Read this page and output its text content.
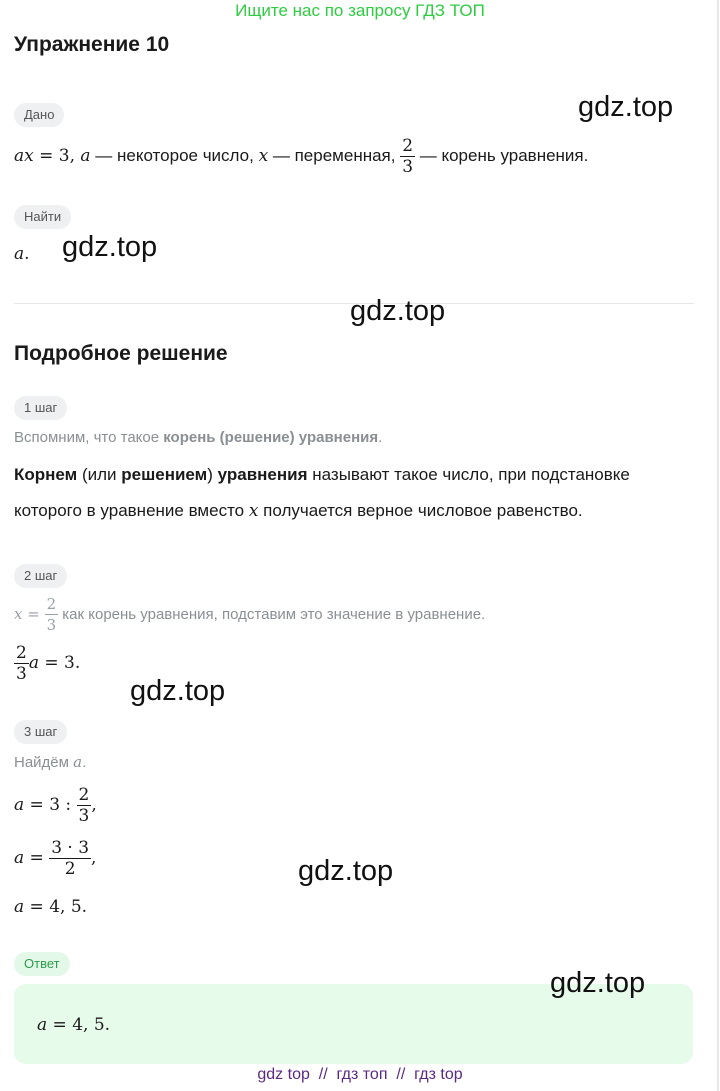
Ищите нас по запросу ГДЗ ТОП
Упражнение 10
gdz.top
Дано
ax = 3, a — некоторое число, x — переменная, $\frac{2}{3}$ — корень уравнения.
Найти
a. gdz.top
gdz.top
Подробное решение
1 шаг
Вспомним, что такое корень (решение) уравнения.
Корнем (или решением) уравнения называют такое число, при подстановке
которого в уравнение вместо x получается верное числовое равенство.
2 шаг
$x = \frac{2}{3}$ как корень уравнения, подставим это значение в уравнение.
$\frac{2}{3}$ a = 3.
gdz.top
3 шаг
Найдём a.
a = 3 : $\frac{2}{3}$ ,
$a = \frac{3 \cdot 3}{2}$ ,	gdz.top
a = 4, 5.
Ответ
a = 4, 5.
gdz.top
gdz top  //  гдз топ  //  гдз top
